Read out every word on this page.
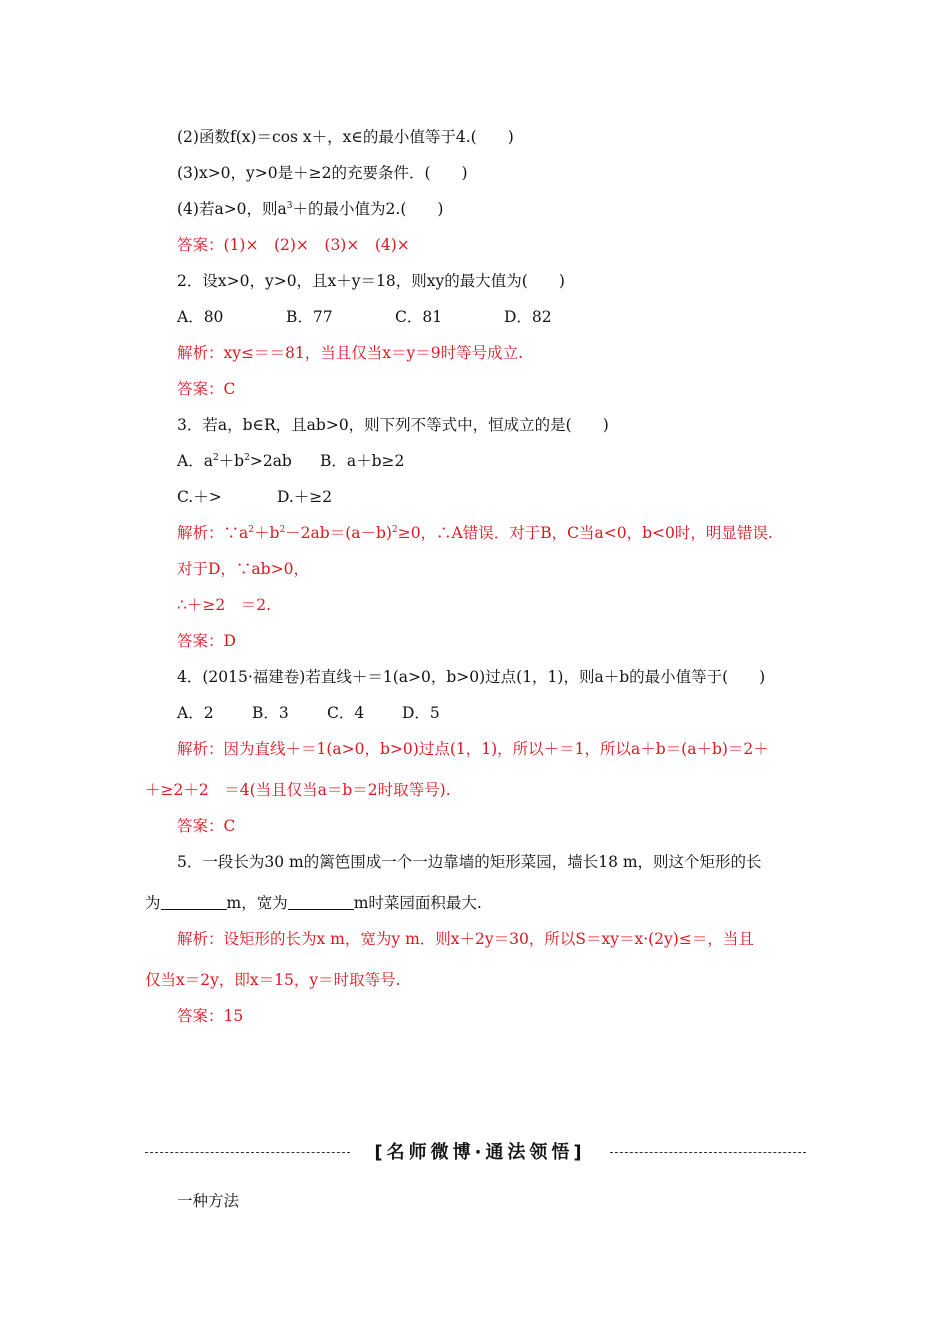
(2)函数f(x)＝cos x＋，x∈的最小值等于4.(　　)
(3)x>0，y>0是＋≥2的充要条件．(　　)
(4)若a>0，则$a^3+$的最小值为2.(　　)
答案：(1)×　(2)×　(3)×　(4)×
2．设x>0，y>0，且x＋y＝18，则xy的最大值为(　　)
A．80	B．77	C．81	D．82
解析：xy≤＝＝81，当且仅当x＝y＝9时等号成立.
答案：C
3．若a，b∈R，且ab>0，则下列不等式中，恒成立的是(　　)
A．$a^2+b^2>2ab$ B．a＋b≥2
C.＋>	D.＋≥2
解析：$\because a^2+b^2-2ab=(a-b)^2\ge 0$，∴A错误．对于B，C当a<0，b<0时，明显错误.
对于D，∵ab>0，
∴＋≥2　＝2.
答案：D
4．(2015·福建卷)若直线＋＝1(a>0，b>0)过点(1，1)，则a＋b的最小值等于(　　)
A．2 B．3 C．4 D．5
解析：因为直线＋＝1(a>0，b>0)过点(1，1)，所以＋＝1，所以a＋b＝(a＋b)＝2＋
＋≥2＋2　＝4(当且仅当a＝b＝2时取等号).
答案：C
5．一段长为30 m的篱笆围成一个一边靠墙的矩形菜园，墙长18 m，则这个矩形的长
为	m，宽为	m时菜园面积最大.
解析：设矩形的长为x m，宽为y m．则x＋2y＝30，所以S＝xy＝x·(2y)≤＝，当且
仅当x＝2y，即x＝15，y＝时取等号.
答案：15
[名师微博·通法领悟]
一种方法
